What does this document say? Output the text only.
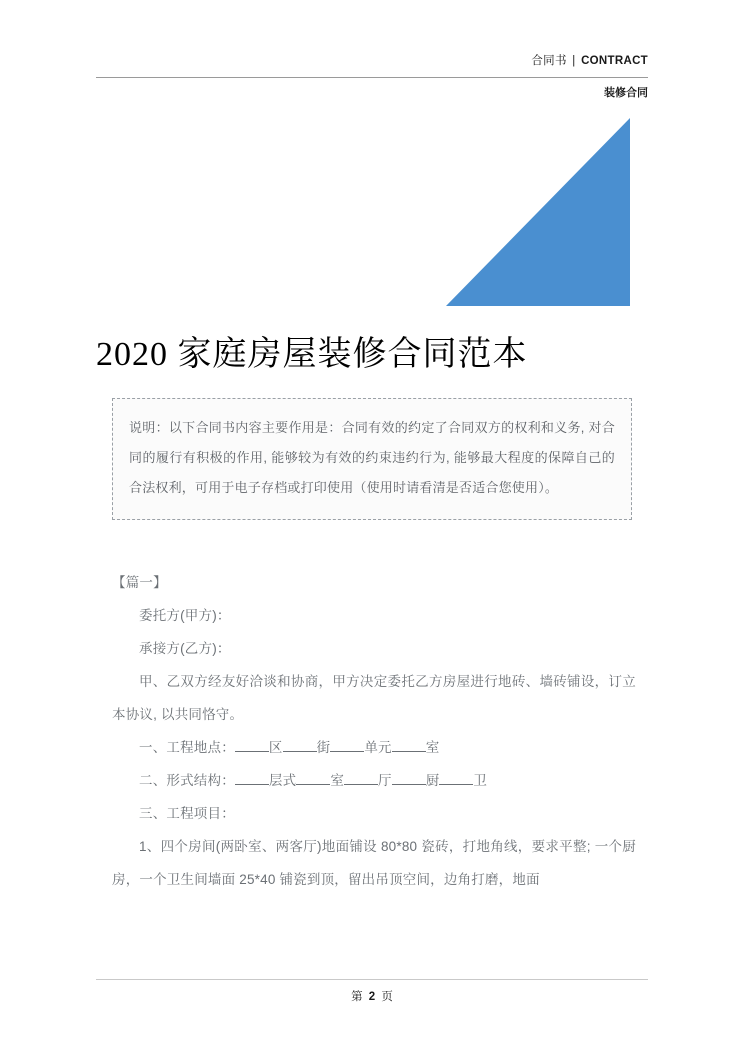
合同书 | CONTRACT
装修合同
2020 家庭房屋装修合同范本

说明：以下合同书内容主要作用是：合同有效的约定了合同双方的权利和义务, 对合同的履行有积极的作用, 能够较为有效的约束违约行为, 能够最大程度的保障自己的合法权利，可用于电子存档或打印使用（使用时请看清是否适合您使用）。

【篇一】

委托方(甲方)：

承接方(乙方)：

甲、乙双方经友好洽谈和协商，甲方决定委托乙方房屋进行地砖、墙砖铺设，订立本协议, 以共同恪守。

一、工程地点：	区	街	单元	室

二、形式结构：	层式	室	厅	厨	卫

三、工程项目：

1、四个房间(两卧室、两客厅)地面铺设 80*80 瓷砖，打地角线，要求平整; 一个厨房，一个卫生间墙面 25*40 铺瓷到顶，留出吊顶空间，边角打磨，地面

第 2 页
